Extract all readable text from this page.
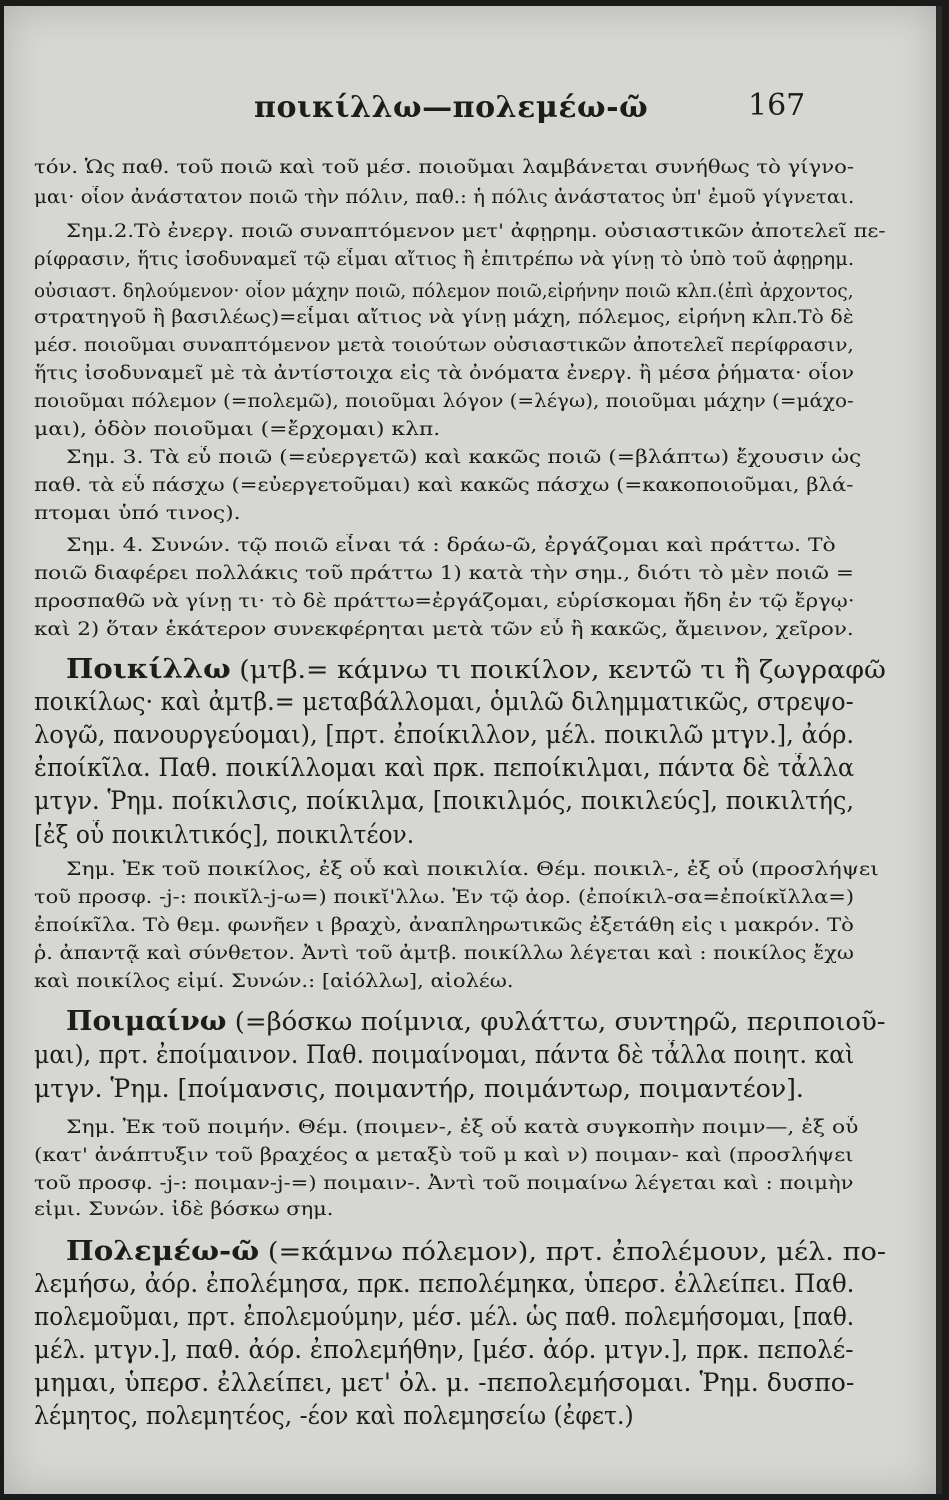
ποικίλλω—πολεμέω-ῶ	167
τόν. Ὡς παθ. τοῦ ποιῶ καὶ τοῦ μέσ. ποιοῦμαι λαμβάνεται συνήθως τὸ γίγνο-
μαι· οἷον ἀνάστατον ποιῶ τὴν πόλιν, παθ.: ἡ πόλις ἀνάστατος ὑπ' ἐμοῦ γίγνεται.
Σημ.2.Τὸ ἐνεργ. ποιῶ συναπτόμενον μετ' ἀφῃρημ. οὐσιαστικῶν ἀποτελεῖ πε-
ρίφρασιν, ἥτις ἰσοδυναμεῖ τῷ εἶμαι αἴτιος ἢ ἐπιτρέπω νὰ γίνῃ τὸ ὑπὸ τοῦ ἀφῃρημ.
οὐσιαστ. δηλούμενον· οἷον μάχην ποιῶ, πόλεμον ποιῶ,εἰρήνην ποιῶ κλπ.(ἐπὶ ἀρχοντος,
στρατηγοῦ ἢ βασιλέως)=εἶμαι αἴτιος νὰ γίνῃ μάχη, πόλεμος, εἰρήνη κλπ.Τὸ δὲ
μέσ. ποιοῦμαι συναπτόμενον μετὰ τοιούτων οὐσιαστικῶν ἀποτελεῖ περίφρασιν,
ἥτις ἰσοδυναμεῖ μὲ τὰ ἀντίστοιχα εἰς τὰ ὀνόματα ἐνεργ. ἢ μέσα ῥήματα· οἷον
ποιοῦμαι πόλεμον (=πολεμῶ), ποιοῦμαι λόγον (=λέγω), ποιοῦμαι μάχην (=μάχο-
μαι), ὁδὸν ποιοῦμαι (=ἔρχομαι) κλπ.
Σημ. 3. Τὰ εὖ ποιῶ (=εὐεργετῶ) καὶ κακῶς ποιῶ (=βλάπτω) ἔχουσιν ὡς
παθ. τὰ εὖ πάσχω (=εὐεργετοῦμαι) καὶ κακῶς πάσχω (=κακοποιοῦμαι, βλά-
πτομαι ὑπό τινος).
Σημ. 4. Συνών. τῷ ποιῶ εἶναι τά : δράω-ῶ, ἐργάζομαι καὶ πράττω. Τὸ
ποιῶ διαφέρει πολλάκις τοῦ πράττω 1) κατὰ τὴν σημ., διότι τὸ μὲν ποιῶ =
προσπαθῶ νὰ γίνῃ τι· τὸ δὲ πράττω=ἐργάζομαι, εὑρίσκομαι ἤδη ἐν τῷ ἔργῳ·
καὶ 2) ὅταν ἑκάτερον συνεκφέρηται μετὰ τῶν εὖ ἢ κακῶς, ἄμεινον, χεῖρον.
Ποικίλλω (μτβ.= κάμνω τι ποικίλον, κεντῶ τι ἢ ζωγραφῶ
ποικίλως· καὶ ἀμτβ.= μεταβάλλομαι, ὁμιλῶ διλημματικῶς, στρεψο-
λογῶ, πανουργεύομαι), [πρτ. ἐποίκιλλον, μέλ. ποικιλῶ μτγν.], ἀόρ.
ἐποίκῖλα. Παθ. ποικίλλομαι καὶ πρκ. πεποίκιλμαι, πάντα δὲ τἆλλα
μτγν. Ῥημ. ποίκιλσις, ποίκιλμα, [ποικιλμός, ποικιλεύς], ποικιλτής,
[ἐξ οὗ ποικιλτικός], ποικιλτέον.
Σημ. Ἐκ τοῦ ποικίλος, ἐξ οὗ καὶ ποικιλία. Θέμ. ποικιλ-, ἐξ οὗ (προσλήψει
τοῦ προσφ. -j-: ποικῐλ-j-ω=) ποικῐ'λλω. Ἐν τῷ ἀορ. (ἐποίκιλ-σα=ἐποίκῐλλα=)
ἐποίκῖλα. Τὸ θεμ. φωνῆεν ι βραχὺ, ἀναπληρωτικῶς ἐξετάθη εἰς ι μακρόν. Τὸ
ῥ. ἀπαντᾷ καὶ σύνθετον. Ἀντὶ τοῦ ἀμτβ. ποικίλλω λέγεται καὶ : ποικίλος ἔχω
καὶ ποικίλος εἰμί. Συνών.: [αἰόλλω], αἰολέω.
Ποιμαίνω (=βόσκω ποίμνια, φυλάττω, συντηρῶ, περιποιοῦ-
μαι), πρτ. ἐποίμαινον. Παθ. ποιμαίνομαι, πάντα δὲ τἆλλα ποιητ. καὶ
μτγν. Ῥημ. [ποίμανσις, ποιμαντήρ, ποιμάντωρ, ποιμαντέον].
Σημ. Ἐκ τοῦ ποιμήν. Θέμ. (ποιμεν-, ἐξ οὗ κατὰ συγκοπὴν ποιμν—, ἐξ οὗ
(κατ' ἀνάπτυξιν τοῦ βραχέος α μεταξὺ τοῦ μ καὶ ν) ποιμαν- καὶ (προσλήψει
τοῦ προσφ. -j-: ποιμαν-j-=) ποιμαιν-. Ἀντὶ τοῦ ποιμαίνω λέγεται καὶ : ποιμὴν
εἰμι. Συνών. ἰδὲ βόσκω σημ.
Πολεμέω-ῶ (=κάμνω πόλεμον), πρτ. ἐπολέμουν, μέλ. πο-
λεμήσω, ἀόρ. ἐπολέμησα, πρκ. πεπολέμηκα, ὑπερσ. ἐλλείπει. Παθ.
πολεμοῦμαι, πρτ. ἐπολεμούμην, μέσ. μέλ. ὡς παθ. πολεμήσομαι, [παθ.
μέλ. μτγν.], παθ. ἀόρ. ἐπολεμήθην, [μέσ. ἀόρ. μτγν.], πρκ. πεπολέ-
μημαι, ὑπερσ. ἐλλείπει, μετ' ὀλ. μ. -πεπολεμήσομαι. Ῥημ. δυσπο-
λέμητος, πολεμητέος, -έον καὶ πολεμησείω (ἐφετ.)
